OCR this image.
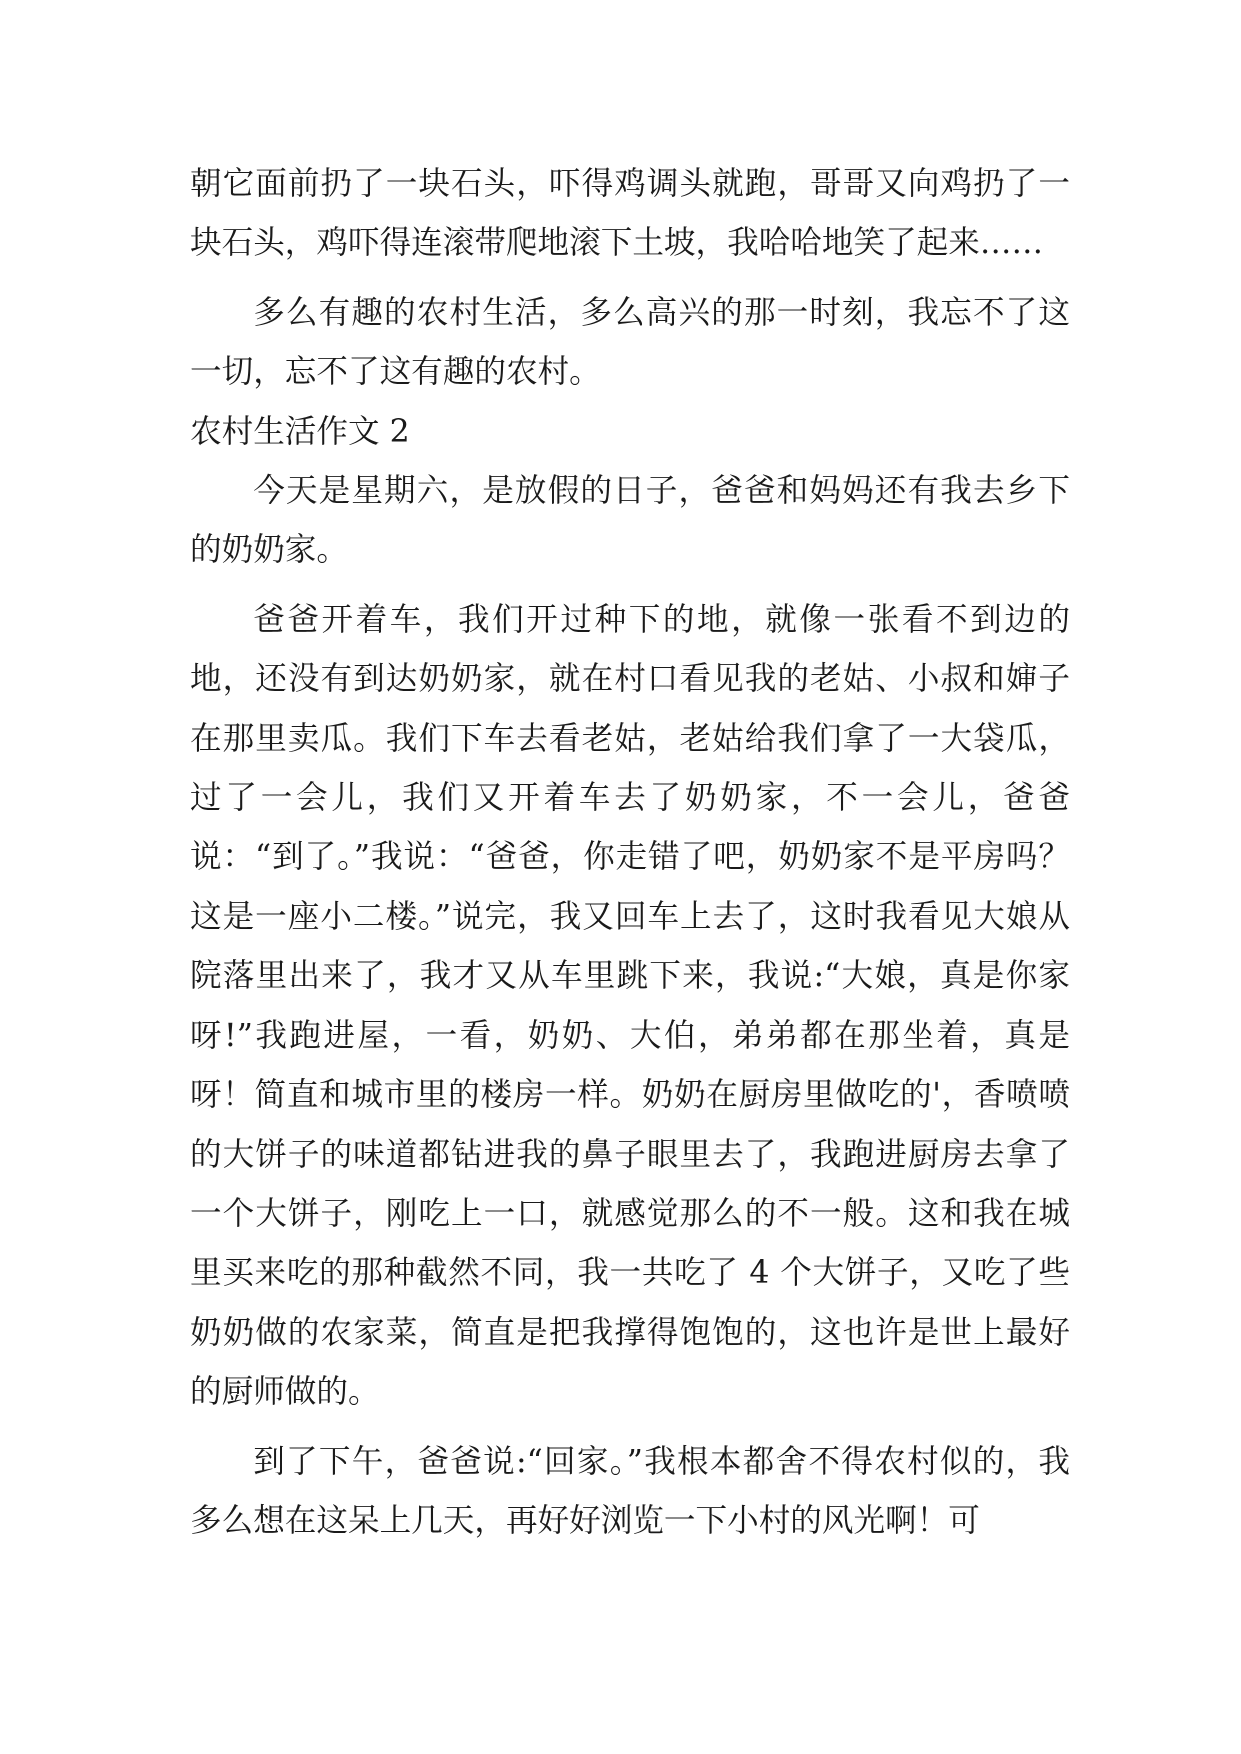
朝它面前扔了一块石头，吓得鸡调头就跑，哥哥又向鸡扔了一块石头，鸡吓得连滚带爬地滚下土坡，我哈哈地笑了起来……

多么有趣的农村生活，多么高兴的那一时刻，我忘不了这一切，忘不了这有趣的农村。

农村生活作文 2

今天是星期六，是放假的日子，爸爸和妈妈还有我去乡下的奶奶家。

爸爸开着车，我们开过种下的地，就像一张看不到边的地，还没有到达奶奶家，就在村口看见我的老姑、小叔和婶子在那里卖瓜。我们下车去看老姑，老姑给我们拿了一大袋瓜，过了一会儿，我们又开着车去了奶奶家，不一会儿，爸爸说：“到了。”我说：“爸爸，你走错了吧，奶奶家不是平房吗？这是一座小二楼。”说完，我又回车上去了，这时我看见大娘从院落里出来了，我才又从车里跳下来，我说:“大娘，真是你家呀!”我跑进屋，一看，奶奶、大伯，弟弟都在那坐着，真是呀！简直和城市里的楼房一样。奶奶在厨房里做吃的'，香喷喷的大饼子的味道都钻进我的鼻子眼里去了，我跑进厨房去拿了一个大饼子，刚吃上一口，就感觉那么的不一般。这和我在城里买来吃的那种截然不同，我一共吃了 4 个大饼子，又吃了些奶奶做的农家菜，简直是把我撑得饱饱的，这也许是世上最好的厨师做的。

到了下午，爸爸说:“回家。”我根本都舍不得农村似的，我多么想在这呆上几天，再好好浏览一下小村的风光啊！可
